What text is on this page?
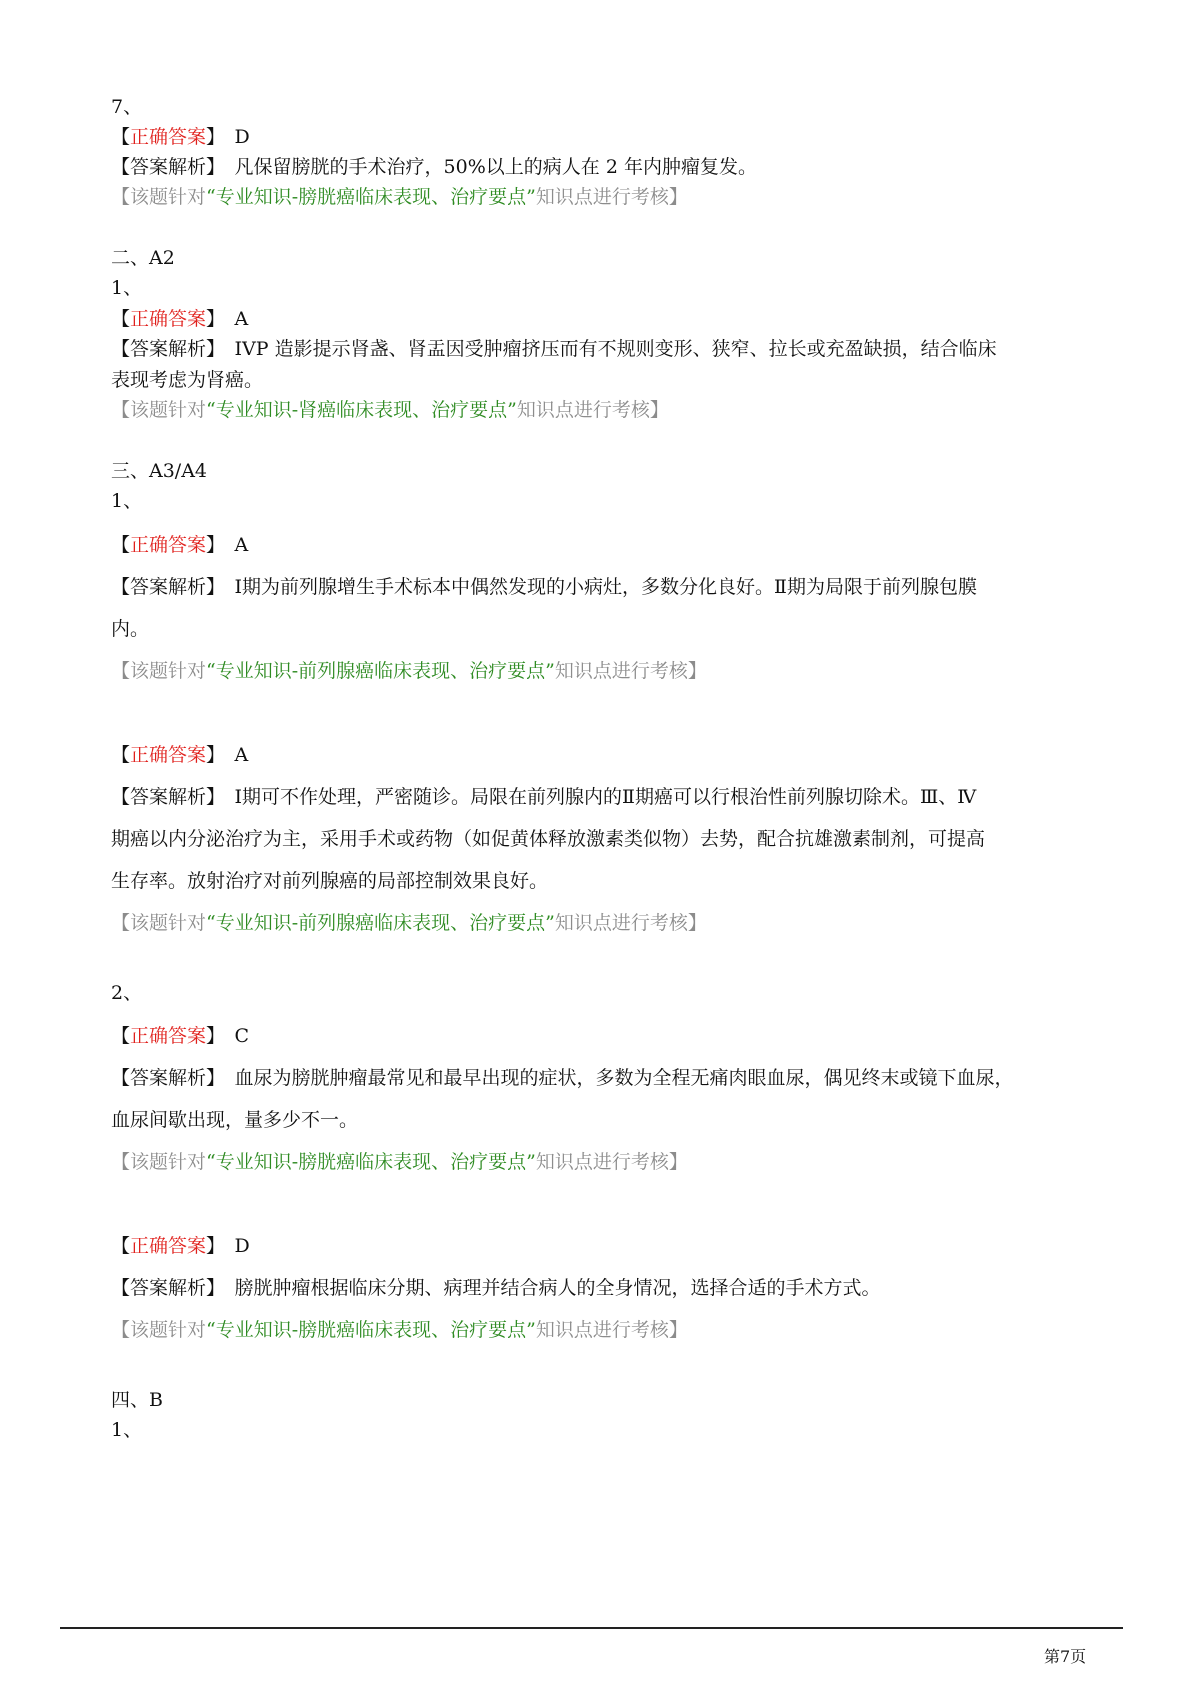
7、
【正确答案】　D
【答案解析】　凡保留膀胱的手术治疗，50%以上的病人在 2 年内肿瘤复发。
【该题针对“专业知识-膀胱癌临床表现、治疗要点”知识点进行考核】
二、A2
1、
【正确答案】　A
【答案解析】　IVP 造影提示肾盏、肾盂因受肿瘤挤压而有不规则变形、狭窄、拉长或充盈缺损，结合临床
表现考虑为肾癌。
【该题针对“专业知识-肾癌临床表现、治疗要点”知识点进行考核】
三、A3/A4
1、
【正确答案】　A
【答案解析】　Ⅰ期为前列腺增生手术标本中偶然发现的小病灶，多数分化良好。Ⅱ期为局限于前列腺包膜
内。
【该题针对“专业知识-前列腺癌临床表现、治疗要点”知识点进行考核】
【正确答案】　A
【答案解析】　Ⅰ期可不作处理，严密随诊。局限在前列腺内的Ⅱ期癌可以行根治性前列腺切除术。Ⅲ、Ⅳ
期癌以内分泌治疗为主，采用手术或药物（如促黄体释放激素类似物）去势，配合抗雄激素制剂，可提高
生存率。放射治疗对前列腺癌的局部控制效果良好。
【该题针对“专业知识-前列腺癌临床表现、治疗要点”知识点进行考核】
2、
【正确答案】　C
【答案解析】　血尿为膀胱肿瘤最常见和最早出现的症状，多数为全程无痛肉眼血尿，偶见终末或镜下血尿，
血尿间歇出现，量多少不一。
【该题针对“专业知识-膀胱癌临床表现、治疗要点”知识点进行考核】
【正确答案】　D
【答案解析】　膀胱肿瘤根据临床分期、病理并结合病人的全身情况，选择合适的手术方式。
【该题针对“专业知识-膀胱癌临床表现、治疗要点”知识点进行考核】
四、B
1、
第7页
